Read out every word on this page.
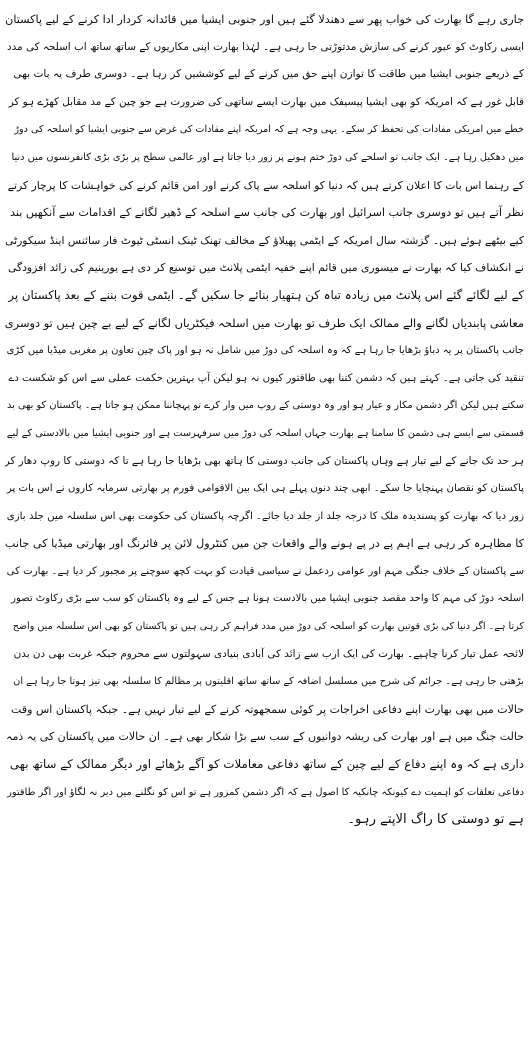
جاری رہے گا بھارت کی خواب پھر سے دھندلا گئے ہیں اور جنوبی ایشیا میں قائدانہ کردار ادا کرنے کے لیے پاکستان
ایسی رکاوٹ کو عبور کرنے کی سازش مدتوڑتی جا رہی ہے۔ لہٰذا بھارت اپنی مکاریوں کے ساتھ ساتھ اب اسلحہ کی مدد
کے ذریعے جنوبی ایشیا میں طاقت کا توازن اپنے حق میں کرنے کے لیے کوششیں کر رہا ہے۔ دوسری طرف یہ بات بھی
قابل غور ہے کہ امریکہ کو بھی ایشیا پیسیفک میں بھارت ایسے ساتھی کی ضرورت ہے جو چین کے مد مقابل کھڑے ہو کر
خطے میں امریکی مفادات کی تحفظ کر سکے۔ یہی وجہ ہے کہ امریکہ اپنے مفادات کی غرض سے جنوبی ایشیا کو اسلحہ کی دوڑ
میں دھکیل رہا ہے۔ ایک جانب تو اسلحے کی دوڑ ختم ہونے پر زور دیا جاتا ہے اور عالمی سطح پر بڑی بڑی کانفرنسوں میں دنیا
کے رہنما اس بات کا اعلان کرتے ہیں کہ دنیا کو اسلحہ سے پاک کرنے اور امن قائم کرنے کی خواہشات کا پرچار کرتے
نظر آتے ہیں تو دوسری جانب اسرائیل اور بھارت کی جانب سے اسلحہ کے ڈھیر لگانے کے اقدامات سے آنکھیں بند
کیے بیٹھے ہوئے ہیں۔ گزشتہ سال امریکہ کے ایٹمی پھیلاؤ کے مخالف تھنک ٹینک انسٹی ٹیوٹ فار سائنس اینڈ سیکورٹی
نے انکشاف کیا کہ بھارت نے میسوری میں قائم اپنے خفیہ ایٹمی پلانٹ میں توسیع کر دی ہے یورینیم کی زائد افزودگی
کے لیے لگائے گئے اس پلانٹ میں زیادہ تباہ کن ہتھیار بنائے جا سکیں گے۔ ایٹمی قوت بننے کے بعد پاکستان پر
معاشی پابندیاں لگانے والے ممالک ایک طرف تو بھارت میں اسلحہ فیکٹریاں لگانے کے لیے بے چین ہیں تو دوسری
جانب پاکستان پر یہ دباؤ بڑھایا جا رہا ہے کہ وہ اسلحہ کی دوڑ میں شامل نہ ہو اور پاک چین تعاون پر مغربی میڈیا میں کڑی
تنقید کی جاتی ہے۔ کہتے ہیں کہ دشمن کتنا بھی طاقتور کیوں نہ ہو لیکن آپ بہترین حکمت عملی سے اس کو شکست دے
سکتے ہیں لیکن اگر دشمن مکار و عیار ہو اور وہ دوستی کے روپ میں وار کرے تو پہچاننا ممکن ہو جاتا ہے۔ پاکستان کو بھی بد
قسمتی سے ایسے ہی دشمن کا سامنا ہے بھارت جہاں اسلحہ کی دوڑ میں سرفہرست ہے اور جنوبی ایشیا میں بالادستی کے لیے
ہر حد تک جانے کے لیے تیار ہے وہاں پاکستان کی جانب دوستی کا ہاتھ بھی بڑھایا جا رہا ہے تا کہ دوستی کا روپ دھار کر
پاکستان کو نقصان پہنچایا جا سکے۔ ابھی چند دنوں پہلے ہی ایک بین الاقوامی فورم پر بھارتی سرمایہ کاروں نے اس بات پر
زور دیا کہ بھارت کو پسندیدہ ملک کا درجہ جلد از جلد دیا جائے۔ اگرچہ پاکستان کی حکومت بھی اس سلسلہ میں جلد بازی
کا مظاہرہ کر رہی ہے اہم پے در پے ہونے والے واقعات جن میں کنٹرول لائن پر فائرنگ اور بھارتی میڈیا کی جانب
سے پاکستان کے خلاف جنگی مہم اور عوامی ردعمل نے سیاسی قیادت کو بہت کچھ سوچنے پر مجبور کر دیا ہے۔ بھارت کی
اسلحہ دوڑ کی مہم کا واحد مقصد جنوبی ایشیا میں بالادست ہونا ہے جس کے لیے وہ پاکستان کو سب سے بڑی رکاوٹ تصور
کرتا ہے۔ اگر دنیا کی بڑی قوتیں بھارت کو اسلحہ کی دوڑ میں مدد فراہم کر رہی ہیں تو پاکستان کو بھی اس سلسلہ میں واضح
لائحہ عمل تیار کرنا چاہیے۔ بھارت کی ایک ارب سے زائد کی آبادی بنیادی سہولتوں سے محروم جبکہ غربت بھی دن بدن
بڑھتی جا رہی ہے۔ جرائم کی شرح میں مسلسل اضافہ کے ساتھ ساتھ اقلیتوں پر مظالم کا سلسلہ بھی تیز ہوتا جا رہا ہے ان
حالات میں بھی بھارت اپنے دفاعی اخراجات پر کوئی سمجھوتہ کرنے کے لیے تیار نہیں ہے۔ جبکہ پاکستان اس وقت
حالت جنگ میں ہے اور بھارت کی ریشہ دوانیوں کے سب سے بڑا شکار بھی ہے۔ ان حالات میں پاکستان کی یہ ذمہ
داری ہے کہ وہ اپنے دفاع کے لیے چین کے ساتھ دفاعی معاملات کو آگے بڑھائے اور دیگر ممالک کے ساتھ بھی
دفاعی تعلقات کو اہمیت دے کیونکہ چانکیہ کا اصول ہے کہ اگر دشمن کمزور ہے تو اس کو نگلنے میں دیر نہ لگاؤ اور اگر طاقتور
ہے تو دوستی کا راگ الاپتے رہو۔
